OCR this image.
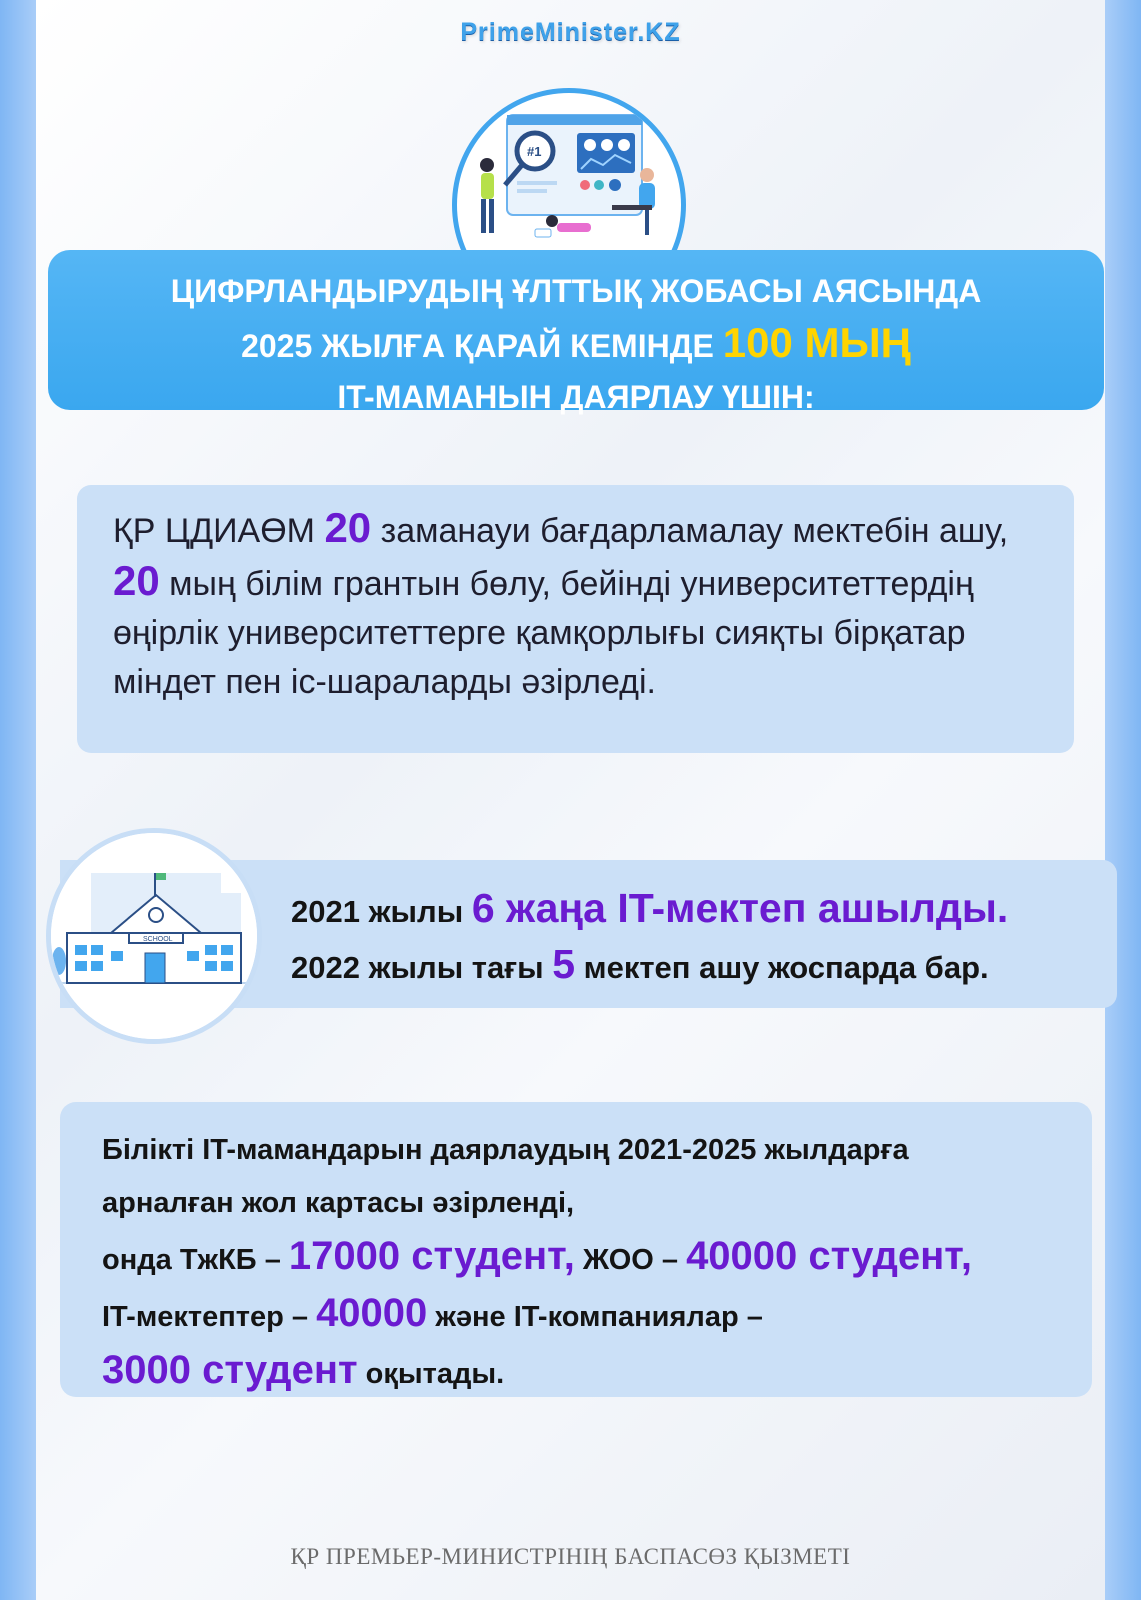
PrimeMinister.KZ
#1
ЦИФРЛАНДЫРУДЫҢ ҰЛТТЫҚ ЖОБАСЫ АЯСЫНДА
2025 ЖЫЛҒА ҚАРАЙ КЕМІНДЕ 100 МЫҢ
IT-МАМАНЫН ДАЯРЛАУ ҮШІН:
ҚР ЦДИАӨМ 20 заманауи бағдарламалау мектебін ашу, 20 мың білім грантын бөлу, бейінді университеттердің өңірлік университеттерге қамқорлығы сияқты бірқатар міндет пен іс-шараларды әзірледі.
SCHOOL
2021 жылы 6 жаңа IT-мектеп ашылды.
2022 жылы тағы 5 мектеп ашу жоспарда бар.
Білікті IT-мамандарын даярлаудың 2021-2025 жылдарға
арналған жол картасы әзірленді,
онда ТжКБ – 17000 студент, ЖОО – 40000 студент,
IT-мектептер – 40000 және IT-компаниялар –
3000 студент оқытады.
ҚР ПРЕМЬЕР-МИНИСТРІНІҢ БАСПАСӨЗ ҚЫЗМЕТІ
